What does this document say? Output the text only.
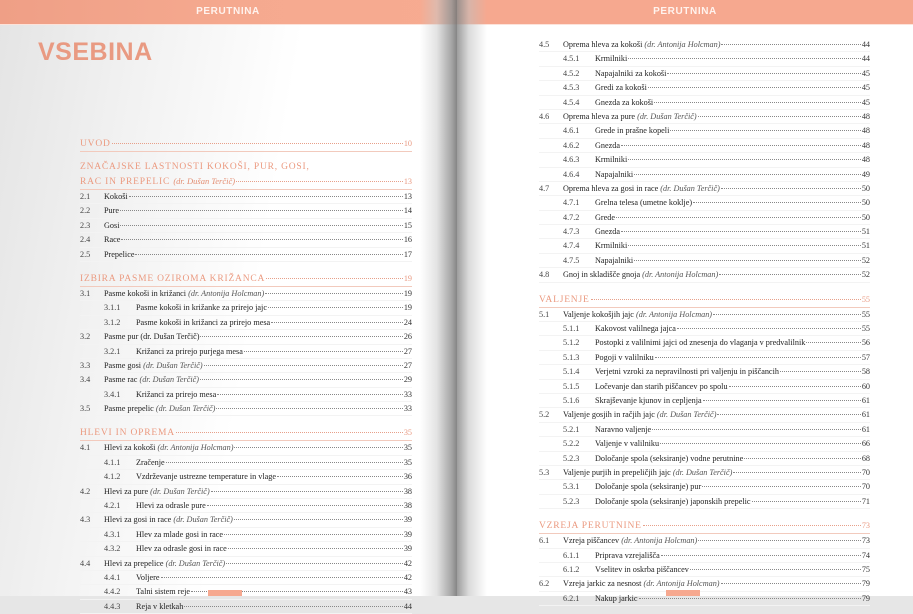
PERUTNINA
VSEBINA
UVOD	10
ZNAČAJSKE LASTNOSTI KOKOŠI, PUR, GOSI,
RAC IN PREPELIC (dr. Dušan Terčič)	13
2.1	Kokoši	13
2.2	Pure	14
2.3	Gosi	15
2.4	Race	16
2.5	Prepelice	17
IZBIRA PASME OZIROMA KRIŽANCA	19
3.1	Pasme kokoši in križanci (dr. Antonija Holcman)	19
3.1.1	Pasme kokoši in križanke za prirejo jajc	19
3.1.2	Pasme kokoši in križanci za prirejo mesa	24
3.2	Pasme pur (dr. Dušan Terčič)	26
3.2.1	Križanci za prirejo purjega mesa	27
3.3	Pasme gosi (dr. Dušan Terčič)	27
3.4	Pasme rac (dr. Dušan Terčič)	29
3.4.1	Križanci za prirejo mesa	33
3.5	Pasme prepelic (dr. Dušan Terčič)	33
HLEVI IN OPREMA	35
4.1	Hlevi za kokoši (dr. Antonija Holcman)	35
4.1.1	Zračenje	35
4.1.2	Vzdrževanje ustrezne temperature in vlage	36
4.2	Hlevi za pure (dr. Dušan Terčič)	38
4.2.1	Hlevi za odrasle pure	38
4.3	Hlevi za gosi in race (dr. Dušan Terčič)	39
4.3.1	Hlev za mlade gosi in race	39
4.3.2	Hlev za odrasle gosi in race	39
4.4	Hlevi za prepelice (dr. Dušan Terčič)	42
4.4.1	Voljere	42
4.4.2	Talni sistem reje	43
4.4.3	Reja v kletkah	44
PERUTNINA
4.5	Oprema hleva za kokoši (dr. Antonija Holcman)	44
4.5.1	Krmilniki	44
4.5.2	Napajalniki za kokoši	45
4.5.3	Gredi za kokoši	45
4.5.4	Gnezda za kokoši	45
4.6	Oprema hleva za pure (dr. Dušan Terčič)	48
4.6.1	Grede in prašne kopeli	48
4.6.2	Gnezda	48
4.6.3	Krmilniki	48
4.6.4	Napajalniki	49
4.7	Oprema hleva za gosi in race (dr. Dušan Terčič)	50
4.7.1	Grelna telesa (umetne koklje)	50
4.7.2	Grede	50
4.7.3	Gnezda	51
4.7.4	Krmilniki	51
4.7.5	Napajalniki	52
4.8	Gnoj in skladišče gnoja (dr. Antonija Holcman)	52
VALJENJE	55
5.1	Valjenje kokošjih jajc (dr. Antonija Holcman)	55
5.1.1	Kakovost valilnega jajca	55
5.1.2	Postopki z valilnimi jajci od znesenja do vlaganja v predvalilnik	56
5.1.3	Pogoji v valilniku	57
5.1.4	Verjetni vzroki za nepravilnosti pri valjenju in piščancih	58
5.1.5	Ločevanje dan starih piščancev po spolu	60
5.1.6	Skrajševanje kjunov in cepljenja	61
5.2	Valjenje gosjih in račjih jajc (dr. Dušan Terčič)	61
5.2.1	Naravno valjenje	61
5.2.2	Valjenje v valilniku	66
5.2.3	Določanje spola (seksiranje) vodne perutnine	68
5.3	Valjenje purjih in prepeličjih jajc (dr. Dušan Terčič)	70
5.3.1	Določanje spola (seksiranje) pur	70
5.2.3	Določanje spola (seksiranje) japonskih prepelic	71
VZREJA PERUTNINE	73
6.1	Vzreja piščancev (dr. Antonija Holcman)	73
6.1.1	Priprava vzrejališča	74
6.1.2	Vselitev in oskrba piščancev	75
6.2	Vzreja jarkic za nesnost (dr. Antonija Holcman)	79
6.2.1	Nakup jarkic	79
